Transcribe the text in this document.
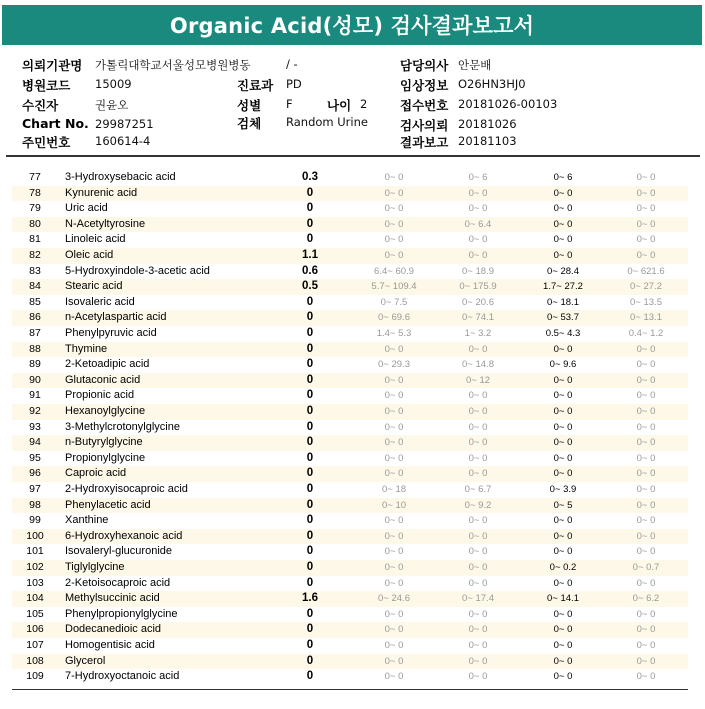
Organic Acid(성모) 검사결과보고서
의뢰기관명 가톨릭대학교서울성모병원병동
병원코드 15009
수진자	권윤오
Chart No. 29987251
주민번호 160614-4
/ -
진료과 PD
성별 F	나이 2
검체 Random Urine
담당의사 안문배
임상정보 O26HN3HJ0
접수번호 20181026-00103
검사의뢰 20181026
결과보고 20181103
77	3-Hydroxysebacic acid	0.3	0~ 0	0~ 6	0~ 6	0~ 0
78	Kynurenic acid	0	0~ 0	0~ 0	0~ 0	0~ 0
79	Uric acid	0	0~ 0	0~ 0	0~ 0	0~ 0
80	N-Acetyltyrosine	0	0~ 0	0~ 6.4	0~ 0	0~ 0
81	Linoleic acid	0	0~ 0	0~ 0	0~ 0	0~ 0
82	Oleic acid	1.1	0~ 0	0~ 0	0~ 0	0~ 0
83	5-Hydroxyindole-3-acetic acid	0.6	6.4~ 60.9	0~ 18.9	0~ 28.4	0~ 621.6
84	Stearic acid	0.5	5.7~ 109.4	0~ 175.9	1.7~ 27.2	0~ 27.2
85	Isovaleric acid	0	0~ 7.5	0~ 20.6	0~ 18.1	0~ 13.5
86	n-Acetylaspartic acid	0	0~ 69.6	0~ 74.1	0~ 53.7	0~ 13.1
87	Phenylpyruvic acid	0	1.4~ 5.3	1~ 3.2	0.5~ 4.3	0.4~ 1.2
88	Thymine	0	0~ 0	0~ 0	0~ 0	0~ 0
89	2-Ketoadipic acid	0	0~ 29.3	0~ 14.8	0~ 9.6	0~ 0
90	Glutaconic acid	0	0~ 0	0~ 12	0~ 0	0~ 0
91	Propionic acid	0	0~ 0	0~ 0	0~ 0	0~ 0
92	Hexanoylglycine	0	0~ 0	0~ 0	0~ 0	0~ 0
93	3-Methylcrotonylglycine	0	0~ 0	0~ 0	0~ 0	0~ 0
94	n-Butyrylglycine	0	0~ 0	0~ 0	0~ 0	0~ 0
95	Propionylglycine	0	0~ 0	0~ 0	0~ 0	0~ 0
96	Caproic acid	0	0~ 0	0~ 0	0~ 0	0~ 0
97	2-Hydroxyisocaproic acid	0	0~ 18	0~ 6.7	0~ 3.9	0~ 0
98	Phenylacetic acid	0	0~ 10	0~ 9.2	0~ 5	0~ 0
99	Xanthine	0	0~ 0	0~ 0	0~ 0	0~ 0
100	6-Hydroxyhexanoic acid	0	0~ 0	0~ 0	0~ 0	0~ 0
101	Isovaleryl-glucuronide	0	0~ 0	0~ 0	0~ 0	0~ 0
102	Tiglylglycine	0	0~ 0	0~ 0	0~ 0.2	0~ 0.7
103	2-Ketoisocaproic acid	0	0~ 0	0~ 0	0~ 0	0~ 0
104	Methylsuccinic acid	1.6	0~ 24.6	0~ 17.4	0~ 14.1	0~ 6.2
105	Phenylpropionylglycine	0	0~ 0	0~ 0	0~ 0	0~ 0
106	Dodecanedioic acid	0	0~ 0	0~ 0	0~ 0	0~ 0
107	Homogentisic acid	0	0~ 0	0~ 0	0~ 0	0~ 0
108	Glycerol	0	0~ 0	0~ 0	0~ 0	0~ 0
109	7-Hydroxyoctanoic acid	0	0~ 0	0~ 0	0~ 0	0~ 0
